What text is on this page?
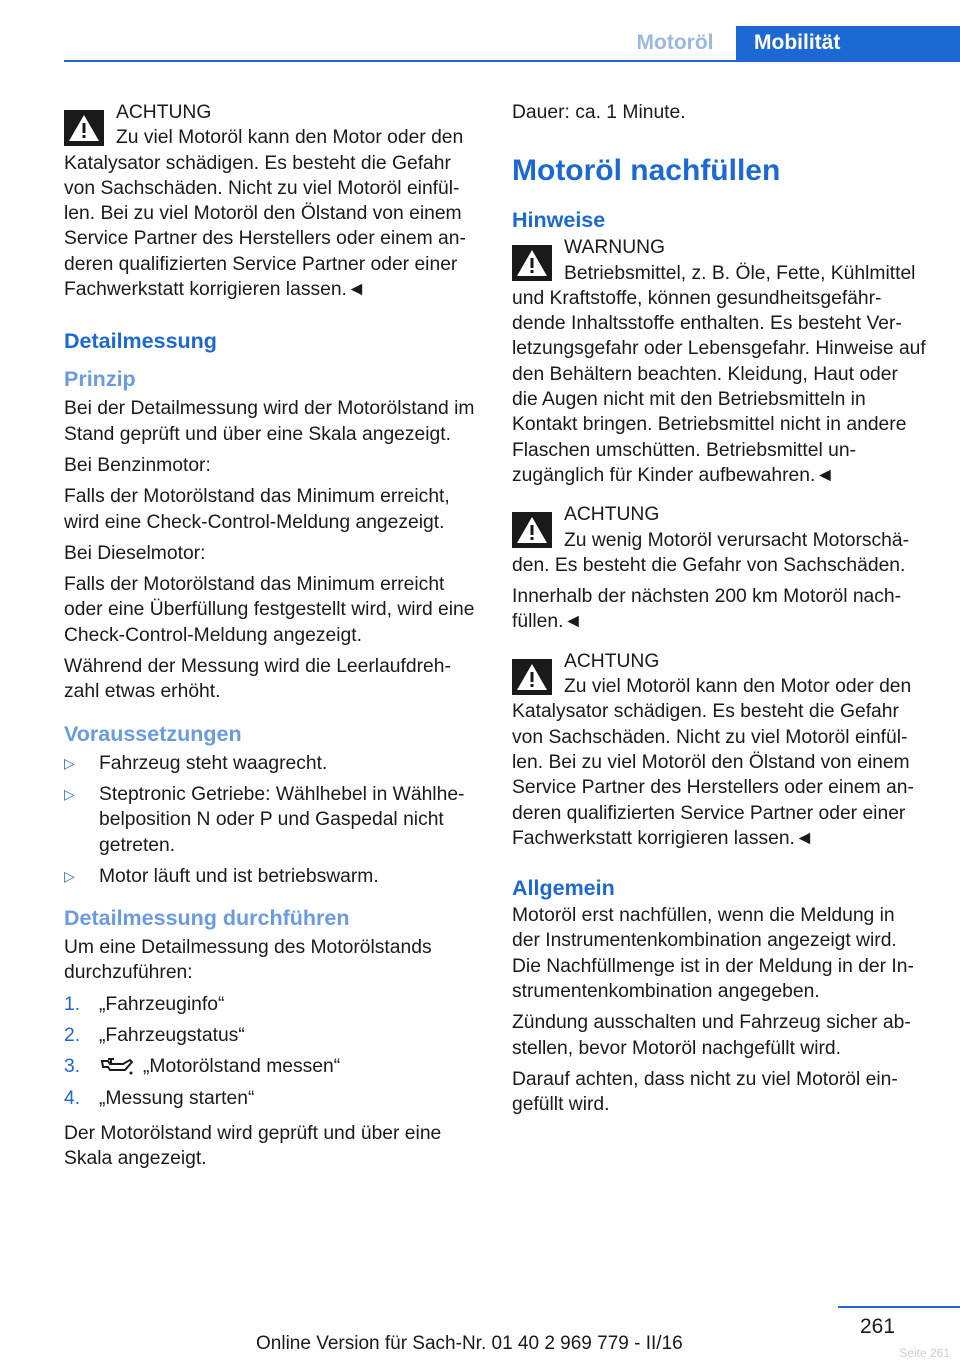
Motoröl	Mobilität
ACHTUNG
Zu viel Motoröl kann den Motor oder den Katalysator schädigen. Es besteht die Gefahr von Sachschäden. Nicht zu viel Motoröl einfüllen. Bei zu viel Motoröl den Ölstand von einem Service Partner des Herstellers oder einem anderen qualifizierten Service Partner oder einer Fachwerkstatt korrigieren lassen.◄
Detailmessung
Prinzip

Bei der Detailmessung wird der Motorölstand im Stand geprüft und über eine Skala angezeigt.

Bei Benzinmotor:

Falls der Motorölstand das Minimum erreicht, wird eine Check-Control-Meldung angezeigt.

Bei Dieselmotor:

Falls der Motorölstand das Minimum erreicht oder eine Überfüllung festgestellt wird, wird eine Check-Control-Meldung angezeigt.

Während der Messung wird die Leerlaufdrehzahl etwas erhöht.

Voraussetzungen
▷ Fahrzeug steht waagrecht.
▷ Steptronic Getriebe: Wählhebel in Wählhebelposition N oder P und Gaspedal nicht getreten.
▷ Motor läuft und ist betriebswarm.
Detailmessung durchführen

Um eine Detailmessung des Motorölstands durchzuführen:

1. „Fahrzeuginfo“
2. „Fahrzeugstatus“
3.	„Motorölstand messen“
4. „Messung starten“

Der Motorölstand wird geprüft und über eine Skala angezeigt.

Dauer: ca. 1 Minute.

Motoröl nachfüllen
Hinweise
WARNUNG
Betriebsmittel, z. B. Öle, Fette, Kühlmittel und Kraftstoffe, können gesundheitsgefährdende Inhaltsstoffe enthalten. Es besteht Verletzungsgefahr oder Lebensgefahr. Hinweise auf den Behältern beachten. Kleidung, Haut oder die Augen nicht mit den Betriebsmitteln in Kontakt bringen. Betriebsmittel nicht in andere Flaschen umschütten. Betriebsmittel unzugänglich für Kinder aufbewahren.◄
ACHTUNG
Zu wenig Motoröl verursacht Motorschäden. Es besteht die Gefahr von Sachschäden.

Innerhalb der nächsten 200 km Motoröl nachfüllen.◄

ACHTUNG
Zu viel Motoröl kann den Motor oder den Katalysator schädigen. Es besteht die Gefahr von Sachschäden. Nicht zu viel Motoröl einfüllen. Bei zu viel Motoröl den Ölstand von einem Service Partner des Herstellers oder einem anderen qualifizierten Service Partner oder einer Fachwerkstatt korrigieren lassen.◄
Allgemein

Motoröl erst nachfüllen, wenn die Meldung in der Instrumentenkombination angezeigt wird. Die Nachfüllmenge ist in der Meldung in der Instrumentenkombination angegeben.

Zündung ausschalten und Fahrzeug sicher abstellen, bevor Motoröl nachgefüllt wird.

Darauf achten, dass nicht zu viel Motoröl eingefüllt wird.

261
Online Version für Sach-Nr. 01 40 2 969 779 - II/16	Seite 261
